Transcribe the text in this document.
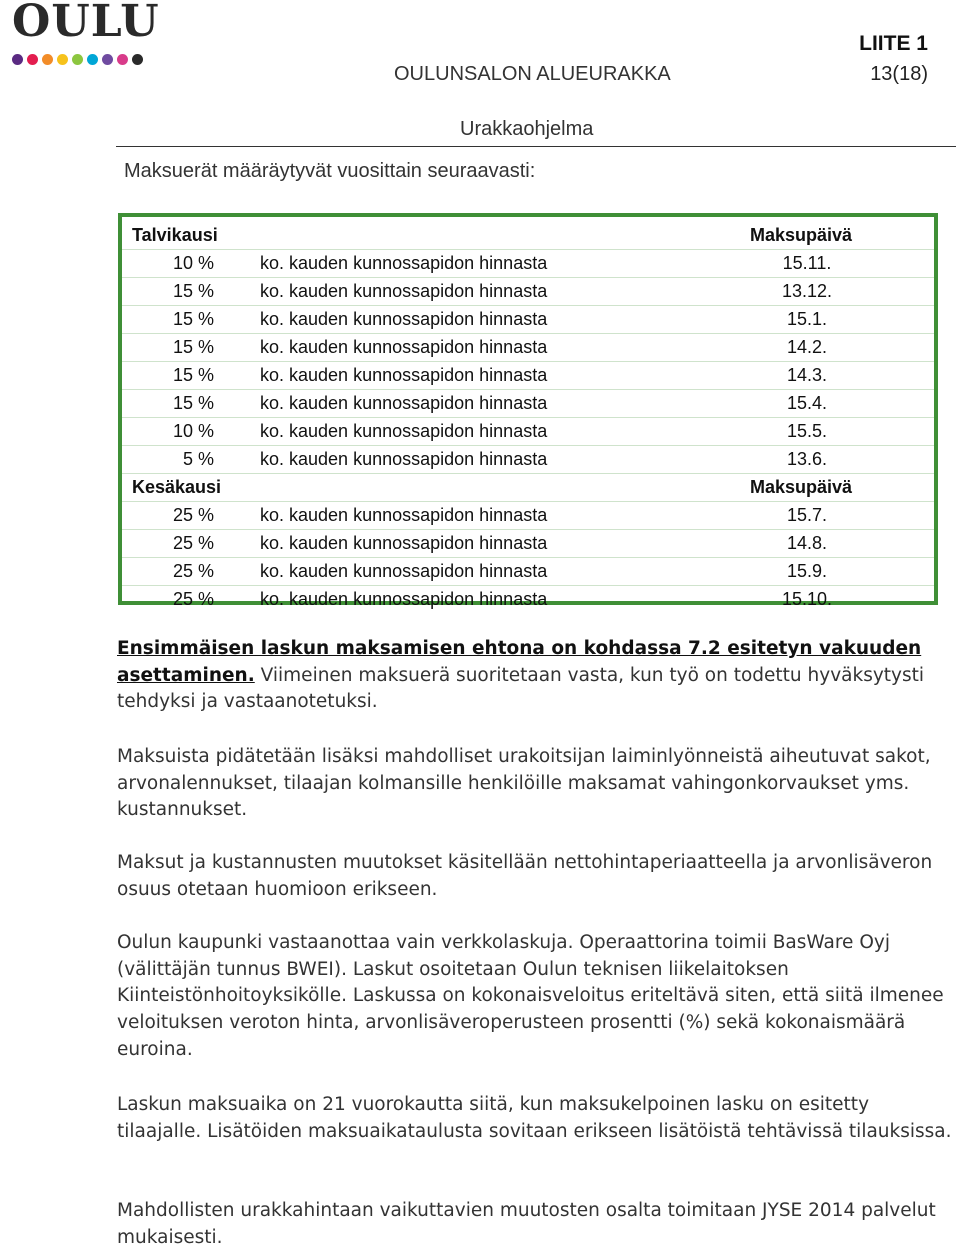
OULU	LIITE 1
OULUNSALON ALUEURAKKA	13(18)
Urakkaohjelma
Maksuerät määräytyvät vuosittain seuraavasti:
Talvikausi	Maksupäivä
10 %	ko. kauden kunnossapidon hinnasta	15.11.
15 %	ko. kauden kunnossapidon hinnasta	13.12.
15 %	ko. kauden kunnossapidon hinnasta	15.1.
15 %	ko. kauden kunnossapidon hinnasta	14.2.
15 %	ko. kauden kunnossapidon hinnasta	14.3.
15 %	ko. kauden kunnossapidon hinnasta	15.4.
10 %	ko. kauden kunnossapidon hinnasta	15.5.
5 %	ko. kauden kunnossapidon hinnasta	13.6.
Kesäkausi	Maksupäivä
25 %	ko. kauden kunnossapidon hinnasta	15.7.
25 %	ko. kauden kunnossapidon hinnasta	14.8.
25 %	ko. kauden kunnossapidon hinnasta	15.9.
25 %	ko. kauden kunnossapidon hinnasta	15.10.
Ensimmäisen laskun maksamisen ehtona on kohdassa 7.2 esitetyn vakuuden asettaminen. Viimeinen maksuerä suoritetaan vasta, kun työ on todettu hyväksytysti tehdyksi ja vastaanotetuksi.
Maksuista pidätetään lisäksi mahdolliset urakoitsijan laiminlyönneistä aiheutuvat sakot, arvonalennukset, tilaajan kolmansille henkilöille maksamat vahingonkorvaukset yms. kustannukset.
Maksut ja kustannusten muutokset käsitellään nettohintaperiaatteella ja arvonlisäveron osuus otetaan huomioon erikseen.
Oulun kaupunki vastaanottaa vain verkkolaskuja. Operaattorina toimii BasWare Oyj (välittäjän tunnus BWEI). Laskut osoitetaan Oulun teknisen liikelaitoksen Kiinteistönhoitoyksikölle. Laskussa on kokonaisveloitus eriteltävä siten, että siitä ilmenee veloituksen veroton hinta, arvonlisäveroperusteen prosentti (%) sekä kokonaismäärä euroina.
Laskun maksuaika on 21 vuorokautta siitä, kun maksukelpoinen lasku on esitetty tilaajalle. Lisätöiden maksuaikataulusta sovitaan erikseen lisätöistä tehtävissä tilauksissa.
Mahdollisten urakkahintaan vaikuttavien muutosten osalta toimitaan JYSE 2014 palvelut mukaisesti.
